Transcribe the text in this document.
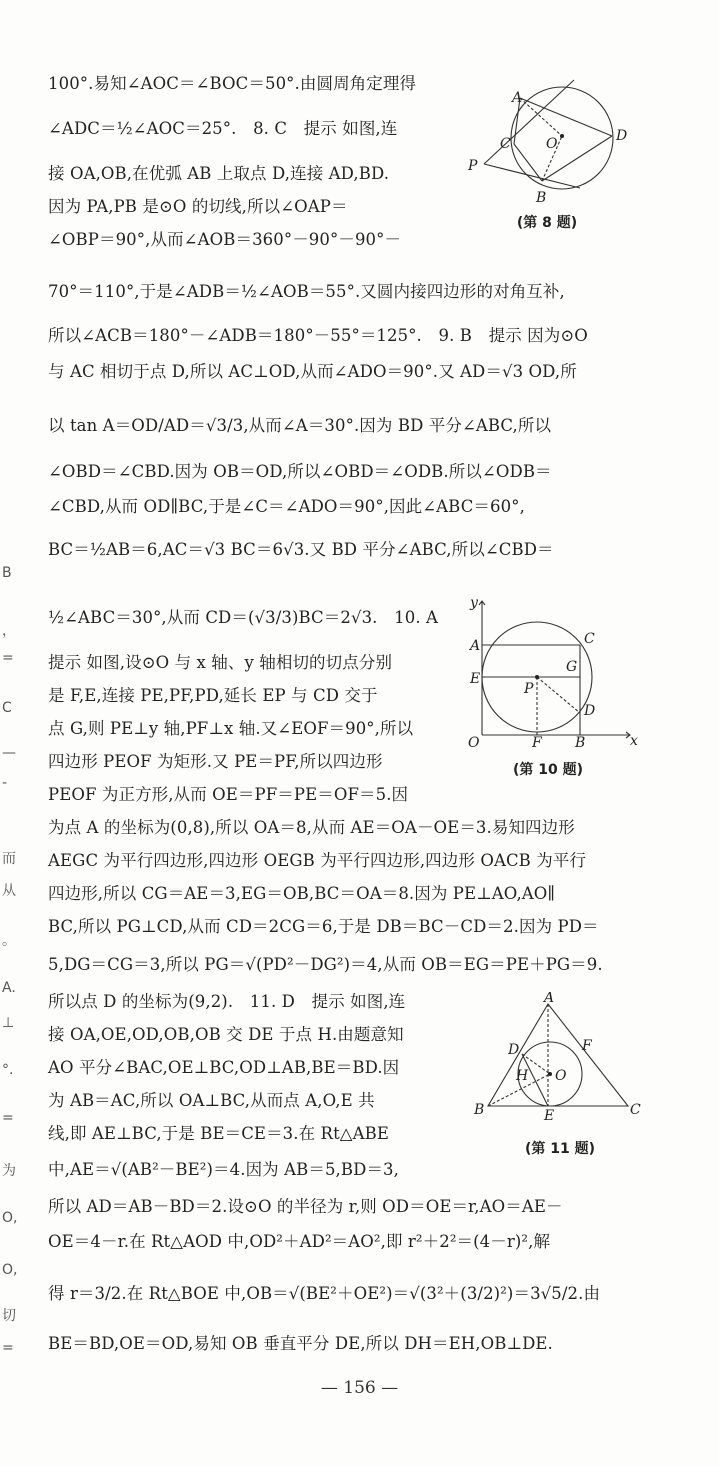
B
，
=
C
—
-
而
从
。
A.
⊥
°.
=
为
O,
O,
切
=
100°.易知∠AOC＝∠BOC＝50°.由圆周角定理得
∠ADC＝½∠AOC＝25°.　8. C　提示 如图,连
接 OA,OB,在优弧 AB 上取点 D,连接 AD,BD.
因为 PA,PB 是⊙O 的切线,所以∠OAP＝
∠OBP＝90°,从而∠AOB＝360°－90°－90°－
70°＝110°,于是∠ADB＝½∠AOB＝55°.又圆内接四边形的对角互补,
所以∠ACB＝180°－∠ADB＝180°－55°＝125°.　9. B　提示 因为⊙O
与 AC 相切于点 D,所以 AC⊥OD,从而∠ADO＝90°.又 AD＝√3 OD,所
以 tan A＝OD/AD＝√3/3,从而∠A＝30°.因为 BD 平分∠ABC,所以
∠OBD＝∠CBD.因为 OB＝OD,所以∠OBD＝∠ODB.所以∠ODB＝
∠CBD,从而 OD∥BC,于是∠C＝∠ADO＝90°,因此∠ABC＝60°,
BC＝½AB＝6,AC＝√3 BC＝6√3.又 BD 平分∠ABC,所以∠CBD＝
½∠ABC＝30°,从而 CD＝(√3/3)BC＝2√3.　10. A
提示 如图,设⊙O 与 x 轴、y 轴相切的切点分别
是 F,E,连接 PE,PF,PD,延长 EP 与 CD 交于
点 G,则 PE⊥y 轴,PF⊥x 轴.又∠EOF＝90°,所以
四边形 PEOF 为矩形.又 PE＝PF,所以四边形
PEOF 为正方形,从而 OE＝PF＝PE＝OF＝5.因
为点 A 的坐标为(0,8),所以 OA＝8,从而 AE＝OA－OE＝3.易知四边形
AEGC 为平行四边形,四边形 OEGB 为平行四边形,四边形 OACB 为平行
四边形,所以 CG＝AE＝3,EG＝OB,BC＝OA＝8.因为 PE⊥AO,AO∥
BC,所以 PG⊥CD,从而 CD＝2CG＝6,于是 DB＝BC－CD＝2.因为 PD＝
5,DG＝CG＝3,所以 PG＝√(PD²－DG²)＝4,从而 OB＝EG＝PE＋PG＝9.
所以点 D 的坐标为(9,2).　11. D　提示 如图,连
接 OA,OE,OD,OB,OB 交 DE 于点 H.由题意知
AO 平分∠BAC,OE⊥BC,OD⊥AB,BE＝BD.因
为 AB＝AC,所以 OA⊥BC,从而点 A,O,E 共
线,即 AE⊥BC,于是 BE＝CE＝3.在 Rt△ABE
中,AE＝√(AB²－BE²)＝4.因为 AB＝5,BD＝3,
所以 AD＝AB－BD＝2.设⊙O 的半径为 r,则 OD＝OE＝r,AO＝AE－
OE＝4－r.在 Rt△AOD 中,OD²＋AD²＝AO²,即 r²＋2²＝(4－r)²,解
得 r＝3/2.在 Rt△BOE 中,OB＝√(BE²＋OE²)＝√(3²＋(3/2)²)＝3√5/2.由
BE＝BD,OE＝OD,易知 OB 垂直平分 DE,所以 DH＝EH,OB⊥DE.
A
C	O	D
P
B
(第 8 题)
y
A	C
E
G
P
D
O	F B	x
(第 10 题)
A
D	F
H O
B	E	C
(第 11 题)
— 156 —
